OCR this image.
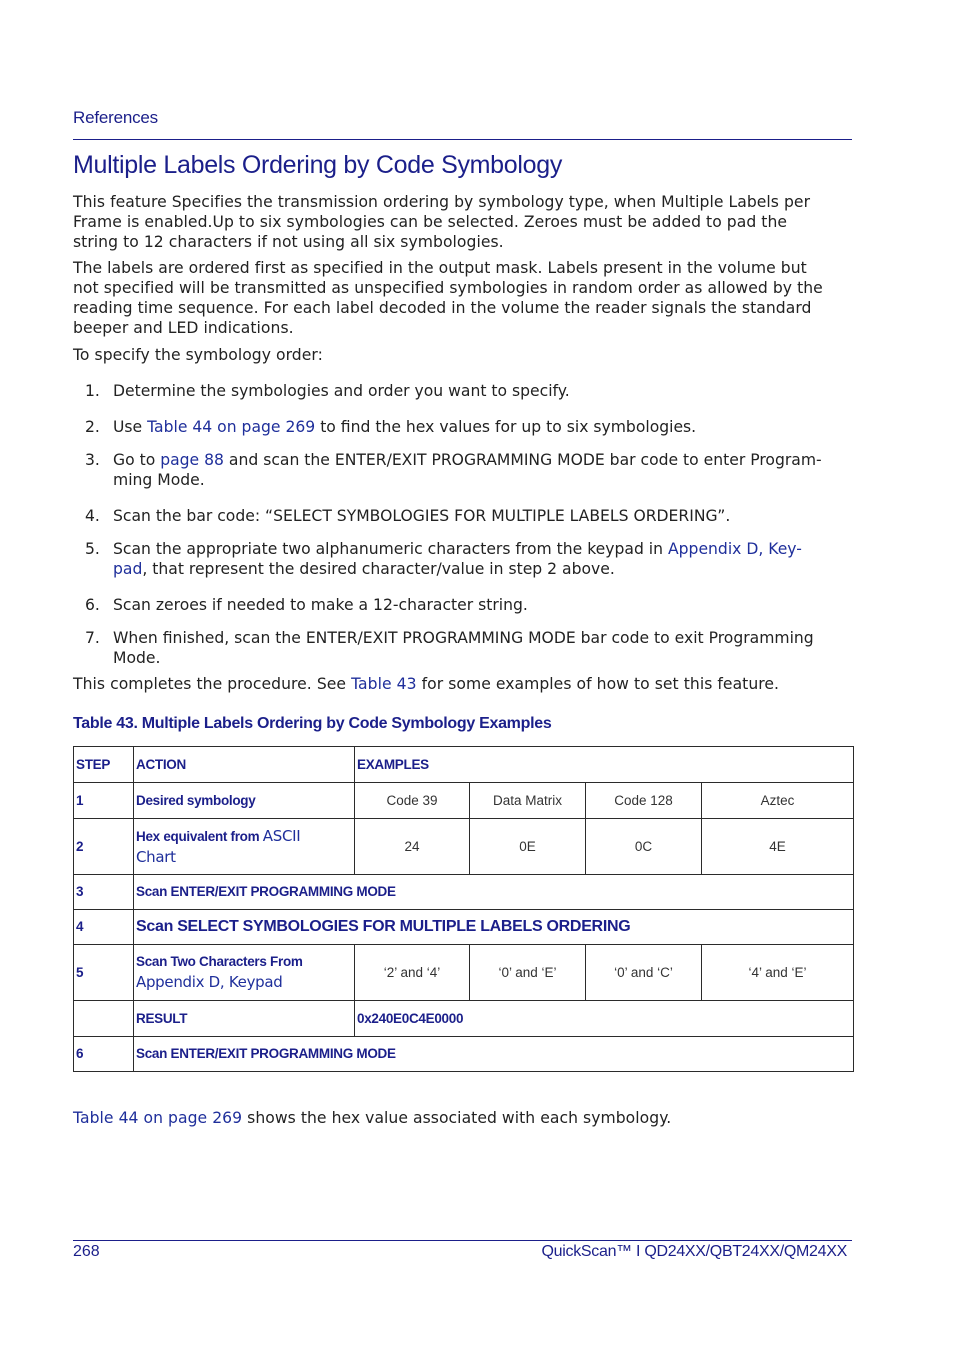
References
Multiple Labels Ordering by Code Symbology
This feature Specifies the transmission ordering by symbology type, when Multiple Labels per
Frame is enabled.Up to six symbologies can be selected. Zeroes must be added to pad the
string to 12 characters if not using all six symbologies.
The labels are ordered first as specified in the output mask. Labels present in the volume but
not specified will be transmitted as unspecified symbologies in random order as allowed by the
reading time sequence. For each label decoded in the volume the reader signals the standard
beeper and LED indications.
To specify the symbology order:
1. Determine the symbologies and order you want to specify.
2. Use Table 44 on page 269 to find the hex values for up to six symbologies.
3. Go to page 88 and scan the ENTER/EXIT PROGRAMMING MODE bar code to enter Program-
ming Mode.
4. Scan the bar code: “SELECT SYMBOLOGIES FOR MULTIPLE LABELS ORDERING”.
5. Scan the appropriate two alphanumeric characters from the keypad in Appendix D, Key-
pad, that represent the desired character/value in step 2 above.
6. Scan zeroes if needed to make a 12-character string.
7. When finished, scan the ENTER/EXIT PROGRAMMING MODE bar code to exit Programming
Mode.
This completes the procedure. See Table 43 for some examples of how to set this feature.
Table 43. Multiple Labels Ordering by Code Symbology Examples
STEP	ACTION	EXAMPLES			
1	Desired symbology	Code 39	Data Matrix	Code 128	Aztec
2	Hex equivalent from ASCII
Chart	24	0E	0C	4E
3	Scan ENTER/EXIT PROGRAMMING MODE				
4	Scan SELECT SYMBOLOGIES FOR MULTIPLE LABELS ORDERING				
5	Scan Two Characters From
Appendix D, Keypad	‘2’ and ‘4’	‘0’ and ‘E’	‘0’ and ‘C’	‘4’ and ‘E’
	RESULT	0x240E0C4E0000			
6	Scan ENTER/EXIT PROGRAMMING MODE				
Table 44 on page 269 shows the hex value associated with each symbology.
268	QuickScan™ I QD24XX/QBT24XX/QM24XX
